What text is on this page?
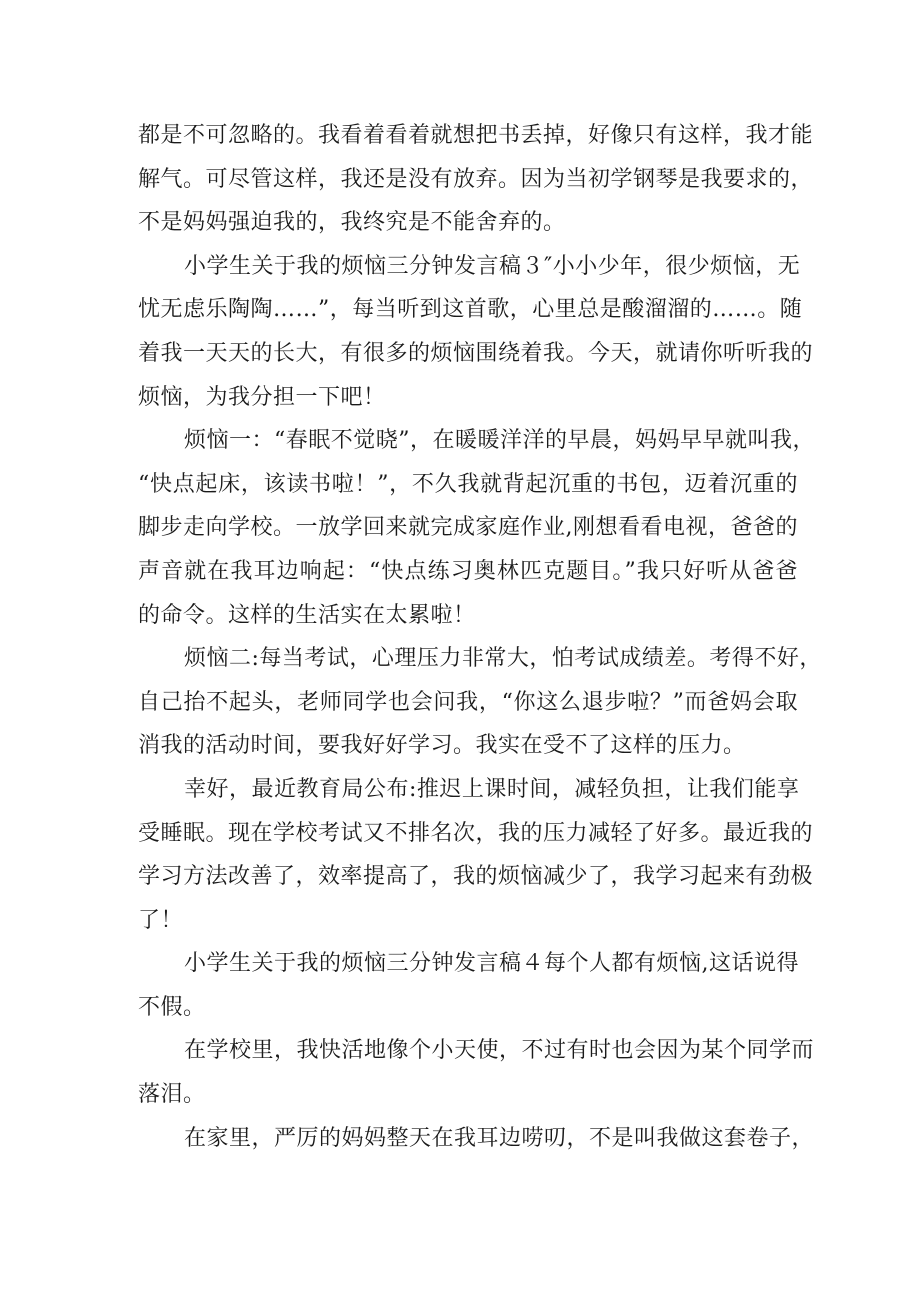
都是不可忽略的。我看着看着就想把书丢掉，好像只有这样，我才能
解气。可尽管这样，我还是没有放弃。因为当初学钢琴是我要求的，
不是妈妈强迫我的，我终究是不能舍弃的。
小学生关于我的烦恼三分钟发言稿３″小小少年，很少烦恼，无
忧无虑乐陶陶……”，每当听到这首歌，心里总是酸溜溜的……。随
着我一天天的长大，有很多的烦恼围绕着我。今天，就请你听听我的
烦恼，为我分担一下吧！
烦恼一：“春眠不觉晓”，在暖暖洋洋的早晨，妈妈早早就叫我，
“快点起床，该读书啦！”，不久我就背起沉重的书包，迈着沉重的
脚步走向学校。一放学回来就完成家庭作业,刚想看看电视，爸爸的
声音就在我耳边响起：“快点练习奥林匹克题目。”我只好听从爸爸
的命令。这样的生活实在太累啦！
烦恼二:每当考试，心理压力非常大，怕考试成绩差。考得不好，
自己抬不起头，老师同学也会问我，“你这么退步啦？”而爸妈会取
消我的活动时间，要我好好学习。我实在受不了这样的压力。
幸好，最近教育局公布:推迟上课时间，减轻负担，让我们能享
受睡眠。现在学校考试又不排名次，我的压力减轻了好多。最近我的
学习方法改善了，效率提高了，我的烦恼减少了，我学习起来有劲极
了！
小学生关于我的烦恼三分钟发言稿４每个人都有烦恼,这话说得
不假。
在学校里，我快活地像个小天使，不过有时也会因为某个同学而
落泪。
在家里，严厉的妈妈整天在我耳边唠叨，不是叫我做这套卷子，
